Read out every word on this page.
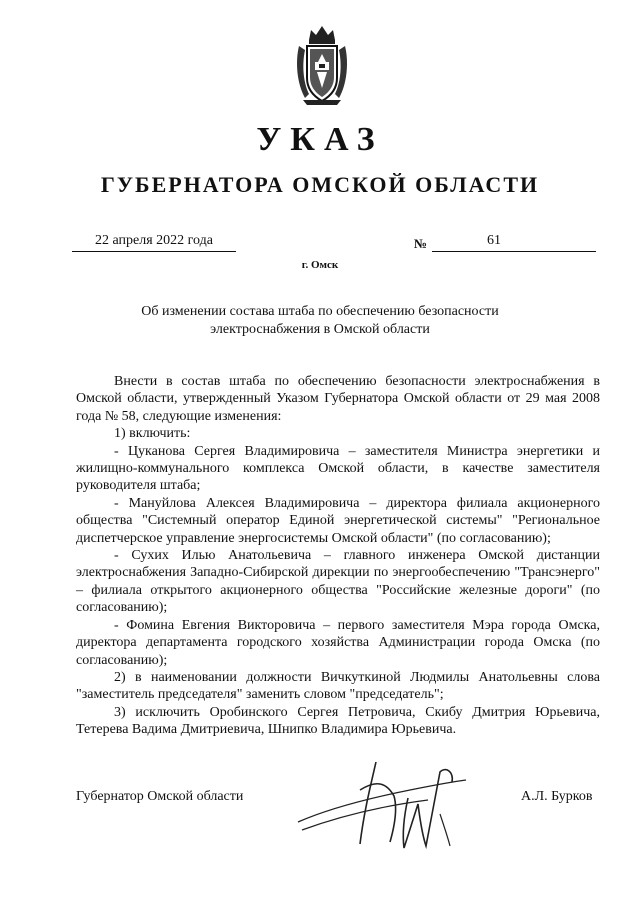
УКАЗ
ГУБЕРНАТОРА ОМСКОЙ ОБЛАСТИ
22 апреля 2022 года	№	61
г. Омск
Об изменении состава штаба по обеспечению безопасности электроснабжения в Омской области

Внести в состав штаба по обеспечению безопасности электроснабжения в Омской области, утвержденный Указом Губернатора Омской области от 29 мая 2008 года № 58, следующие изменения:

1) включить:

- Цуканова Сергея Владимировича – заместителя Министра энергетики и жилищно-коммунального комплекса Омской области, в качестве заместителя руководителя штаба;

- Мануйлова Алексея Владимировича – директора филиала акционерного общества "Системный оператор Единой энергетической системы" "Региональное диспетчерское управление энергосистемы Омской области" (по согласованию);

- Сухих Илью Анатольевича – главного инженера Омской дистанции электроснабжения Западно-Сибирской дирекции по энергообеспечению "Трансэнерго" – филиала открытого акционерного общества "Российские железные дороги" (по согласованию);

- Фомина Евгения Викторовича – первого заместителя Мэра города Омска, директора департамента городского хозяйства Администрации города Омска (по согласованию);

2) в наименовании должности Вичкуткиной Людмилы Анатольевны слова "заместитель председателя" заменить словом "председатель";

3) исключить Оробинского Сергея Петровича, Скибу Дмитрия Юрьевича, Тетерева Вадима Дмитриевича, Шнипко Владимира Юрьевича.

Губернатор Омской области	А.Л. Бурков
